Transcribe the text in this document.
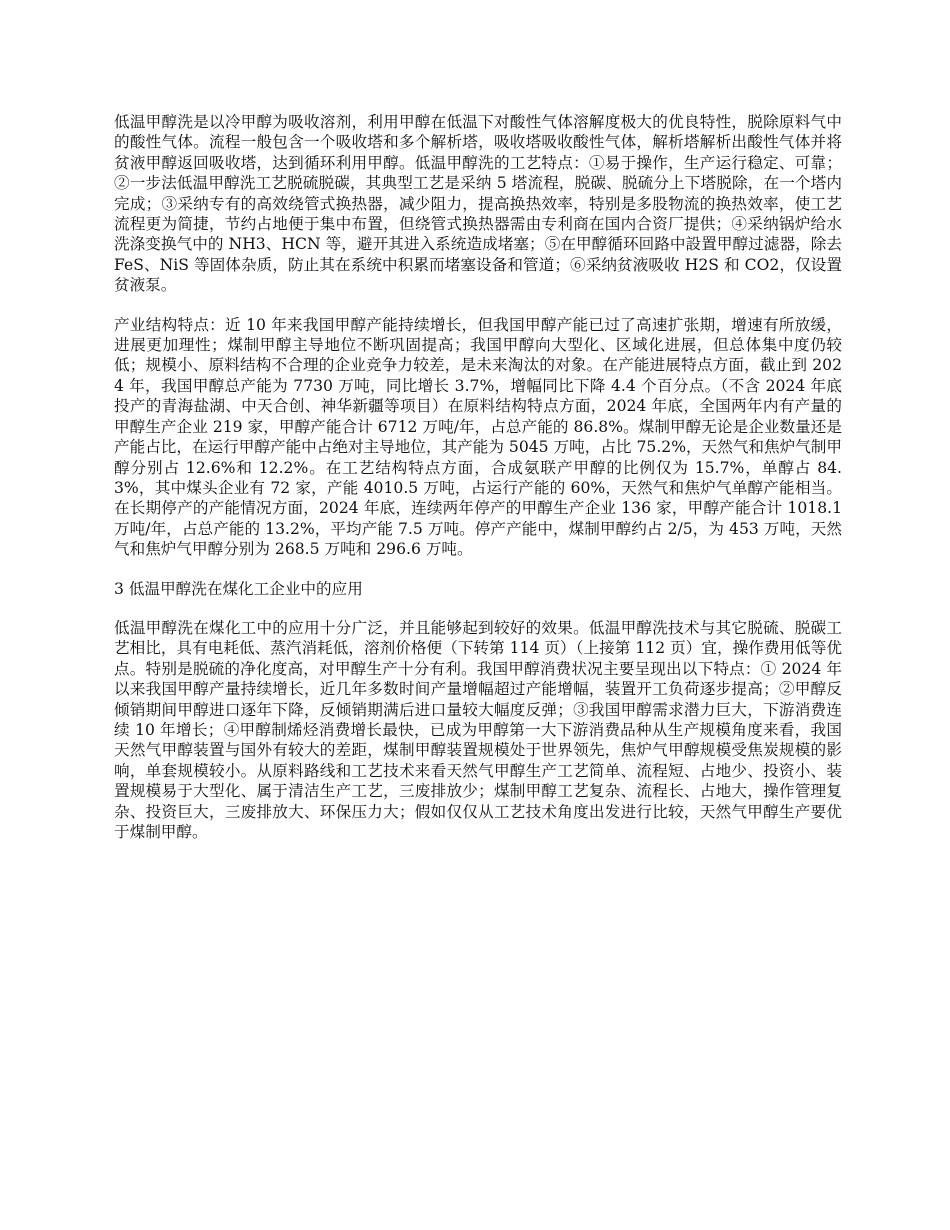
低温甲醇洗是以冷甲醇为吸收溶剂，利用甲醇在低温下对酸性气体溶解度极大的优良特性，脱除原料气中的酸性气体。流程一般包含一个吸收塔和多个解析塔，吸收塔吸收酸性气体，解析塔解析出酸性气体并将贫液甲醇返回吸收塔，达到循环利用甲醇。低温甲醇洗的工艺特点：①易于操作，生产运行稳定、可靠；②一步法低温甲醇洗工艺脱硫脱碳，其典型工艺是采纳 5 塔流程，脱碳、脱硫分上下塔脱除，在一个塔内完成；③采纳专有的高效绕管式换热器，减少阻力，提高换热效率，特别是多股物流的换热效率，使工艺流程更为简捷，节约占地便于集中布置，但绕管式换热器需由专利商在国内合资厂提供；④采纳锅炉给水洗涤变换气中的 NH3、HCN 等，避开其进入系统造成堵塞；⑤在甲醇循环回路中設置甲醇过滤器，除去 FeS、NiS 等固体杂质，防止其在系统中积累而堵塞设备和管道；⑥采纳贫液吸收 H2S 和 CO2，仅设置贫液泵。

产业结构特点：近 10 年来我国甲醇产能持续增长，但我国甲醇产能已过了高速扩张期，增速有所放缓，进展更加理性；煤制甲醇主导地位不断巩固提高；我国甲醇向大型化、区域化进展，但总体集中度仍较低；规模小、原料结构不合理的企业竞争力较差，是未来淘汰的对象。在产能进展特点方面，截止到 2024 年，我国甲醇总产能为 7730 万吨，同比增长 3.7%，增幅同比下降 4.4 个百分点。（不含 2024 年底投产的青海盐湖、中天合创、神华新疆等项目）在原料结构特点方面，2024 年底，全国两年内有产量的甲醇生产企业 219 家，甲醇产能合计 6712 万吨/年，占总产能的 86.8%。煤制甲醇无论是企业数量还是产能占比，在运行甲醇产能中占绝对主导地位，其产能为 5045 万吨，占比 75.2%，天然气和焦炉气制甲醇分别占 12.6%和 12.2%。在工艺结构特点方面，合成氨联产甲醇的比例仅为 15.7%，单醇占 84.3%，其中煤头企业有 72 家，产能 4010.5 万吨，占运行产能的 60%，天然气和焦炉气单醇产能相当。在长期停产的产能情况方面，2024 年底，连续两年停产的甲醇生产企业 136 家，甲醇产能合计 1018.1 万吨/年，占总产能的 13.2%，平均产能 7.5 万吨。停产产能中，煤制甲醇约占 2/5，为 453 万吨，天然气和焦炉气甲醇分别为 268.5 万吨和 296.6 万吨。

3 低温甲醇洗在煤化工企业中的应用

低温甲醇洗在煤化工中的应用十分广泛，并且能够起到较好的效果。低温甲醇洗技术与其它脱硫、脱碳工艺相比，具有电耗低、蒸汽消耗低，溶剂价格便（下转第 114 页）（上接第 112 页）宜，操作费用低等优点。特别是脱硫的净化度高，对甲醇生产十分有利。我国甲醇消费状况主要呈现出以下特点：① 2024 年以来我国甲醇产量持续增长，近几年多数时间产量增幅超过产能增幅，装置开工负荷逐步提高；②甲醇反倾销期间甲醇进口逐年下降，反倾销期满后进口量较大幅度反弹；③我国甲醇需求潜力巨大，下游消费连续 10 年增长；④甲醇制烯烃消费增长最快，已成为甲醇第一大下游消费品种从生产规模角度来看，我国天然气甲醇装置与国外有较大的差距，煤制甲醇装置规模处于世界领先，焦炉气甲醇规模受焦炭规模的影响，单套规模较小。从原料路线和工艺技术来看天然气甲醇生产工艺简单、流程短、占地少、投资小、装置规模易于大型化、属于清洁生产工艺，三废排放少；煤制甲醇工艺复杂、流程长、占地大，操作管理复杂、投资巨大，三废排放大、环保压力大；假如仅仅从工艺技术角度出发进行比较，天然气甲醇生产要优于煤制甲醇。
